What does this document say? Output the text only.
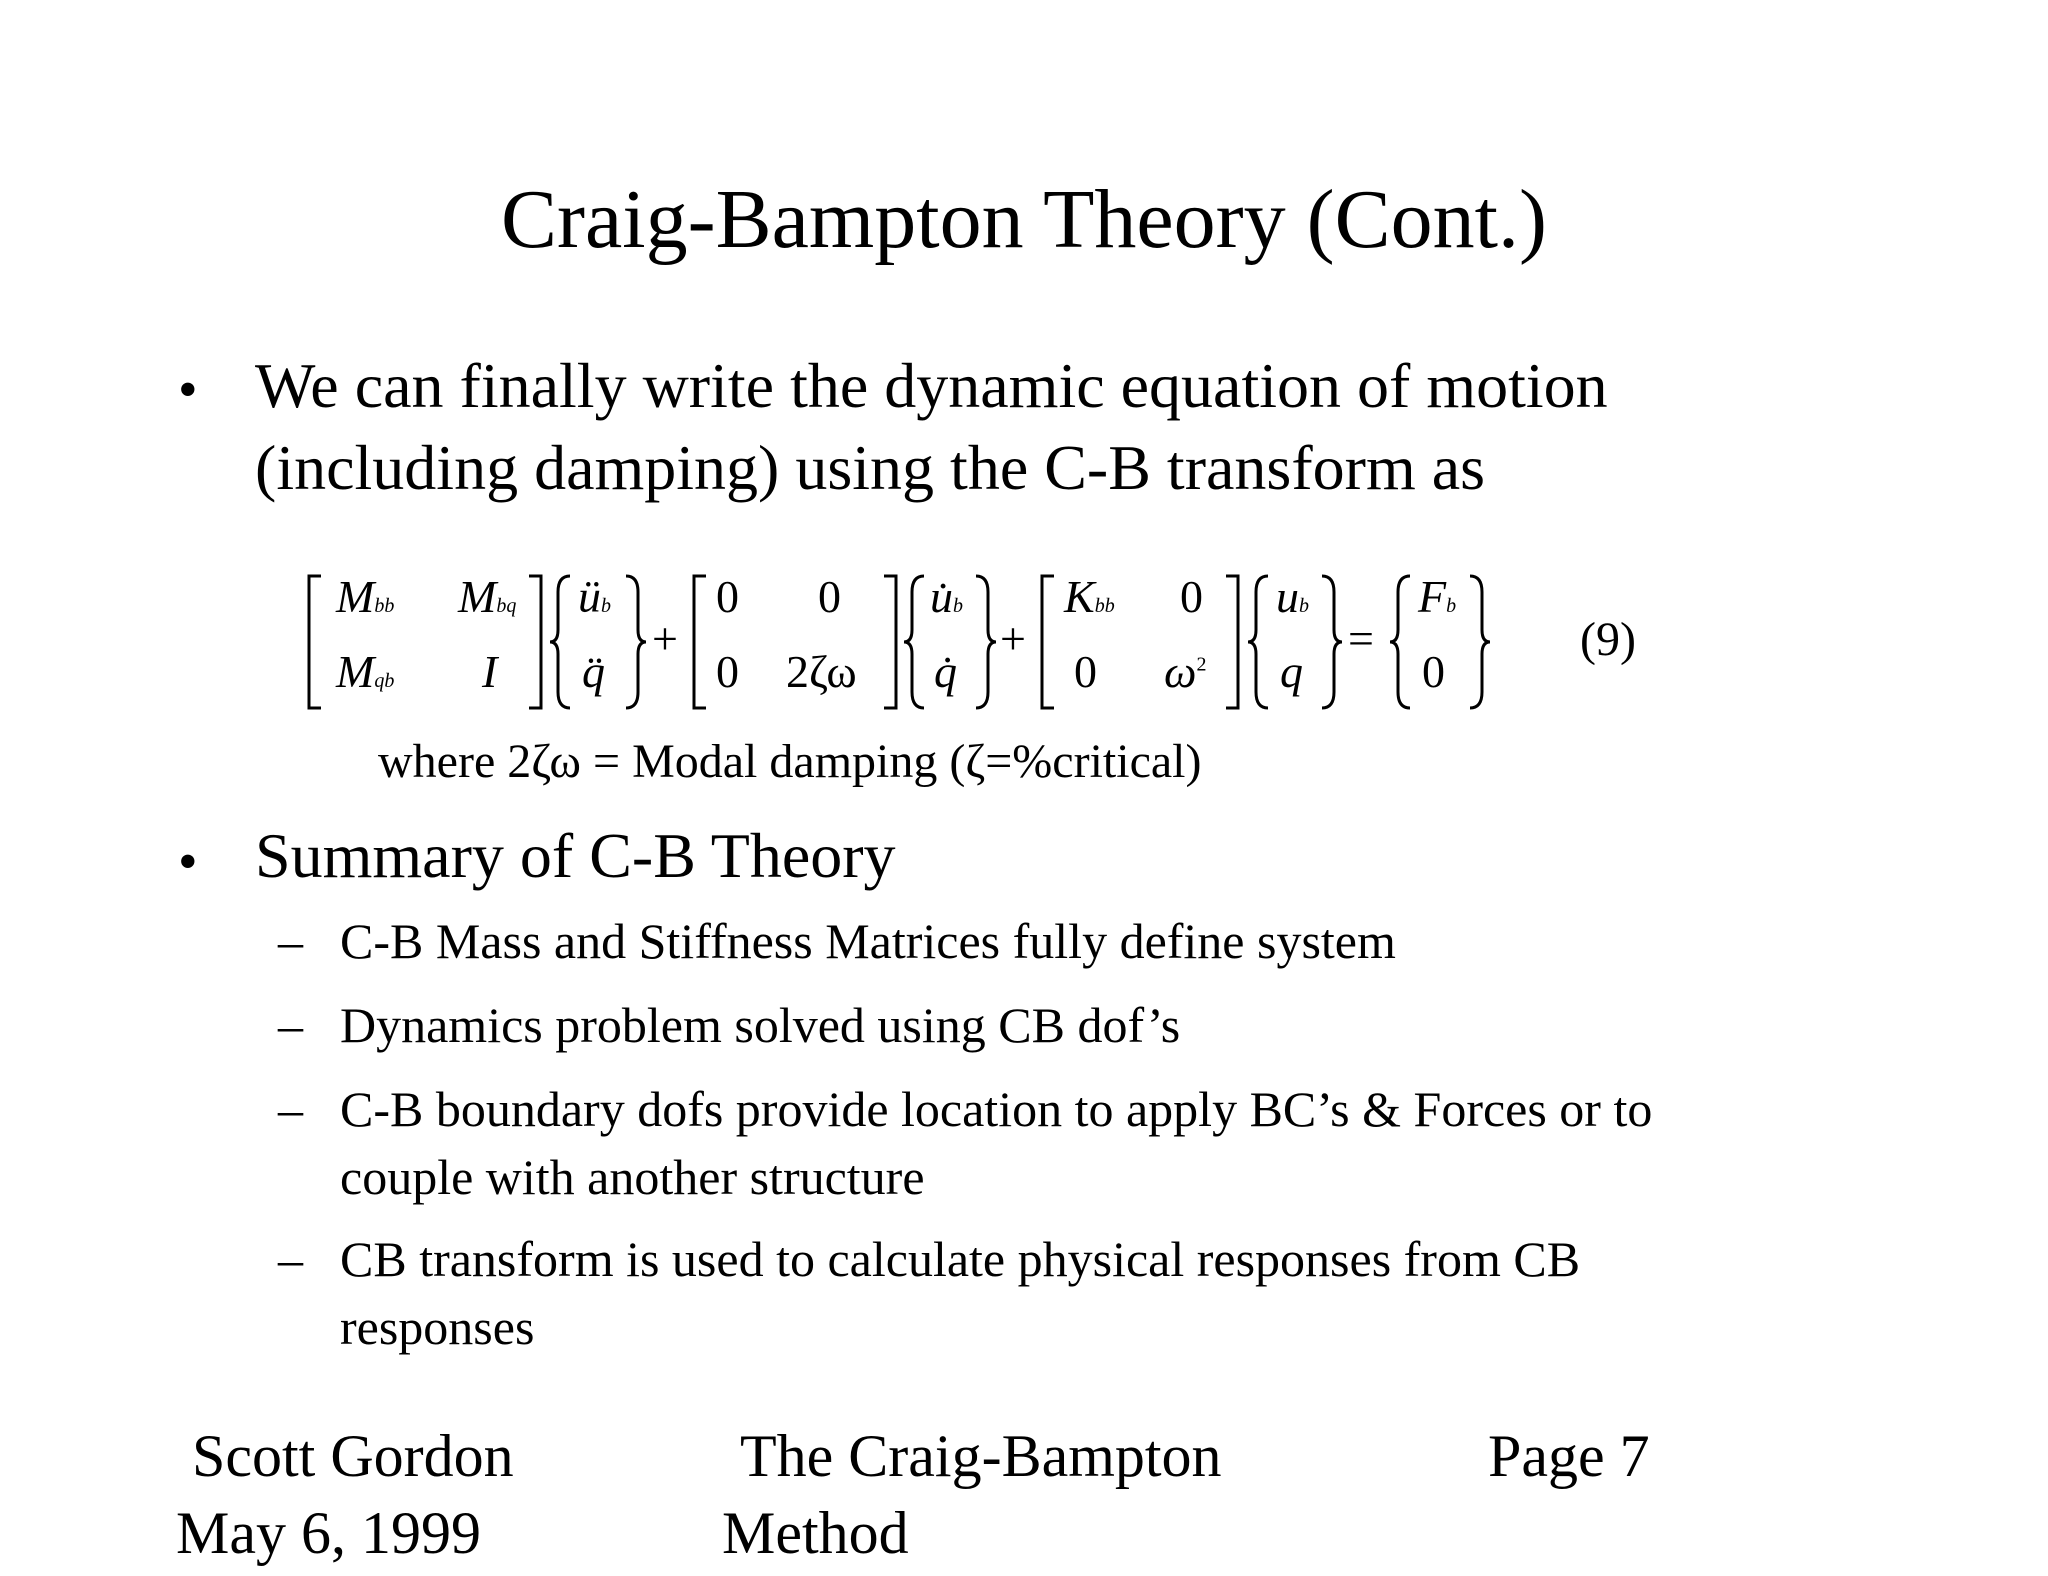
Craig-Bampton Theory (Cont.)
• We can finally write the dynamic equation of motion
(including damping) using the C-B transform as
Mbb Mbq
Mqb I
üb
q̈
+
0 0
0 2ζω
u̇b
q̇
+
Kbb 0
0 $\omega^2$
ub
q
=
Fb
0
(9)
where 2ζω = Modal damping (ζ=%critical)
• Summary of C-B Theory
– C-B Mass and Stiffness Matrices fully define system
– Dynamics problem solved using CB dof’s
– C-B boundary dofs provide location to apply BC’s & Forces or to
couple with another structure
– CB transform is used to calculate physical responses from CB
responses
Scott Gordon
May 6, 1999
The Craig-Bampton
Method
Page 7
